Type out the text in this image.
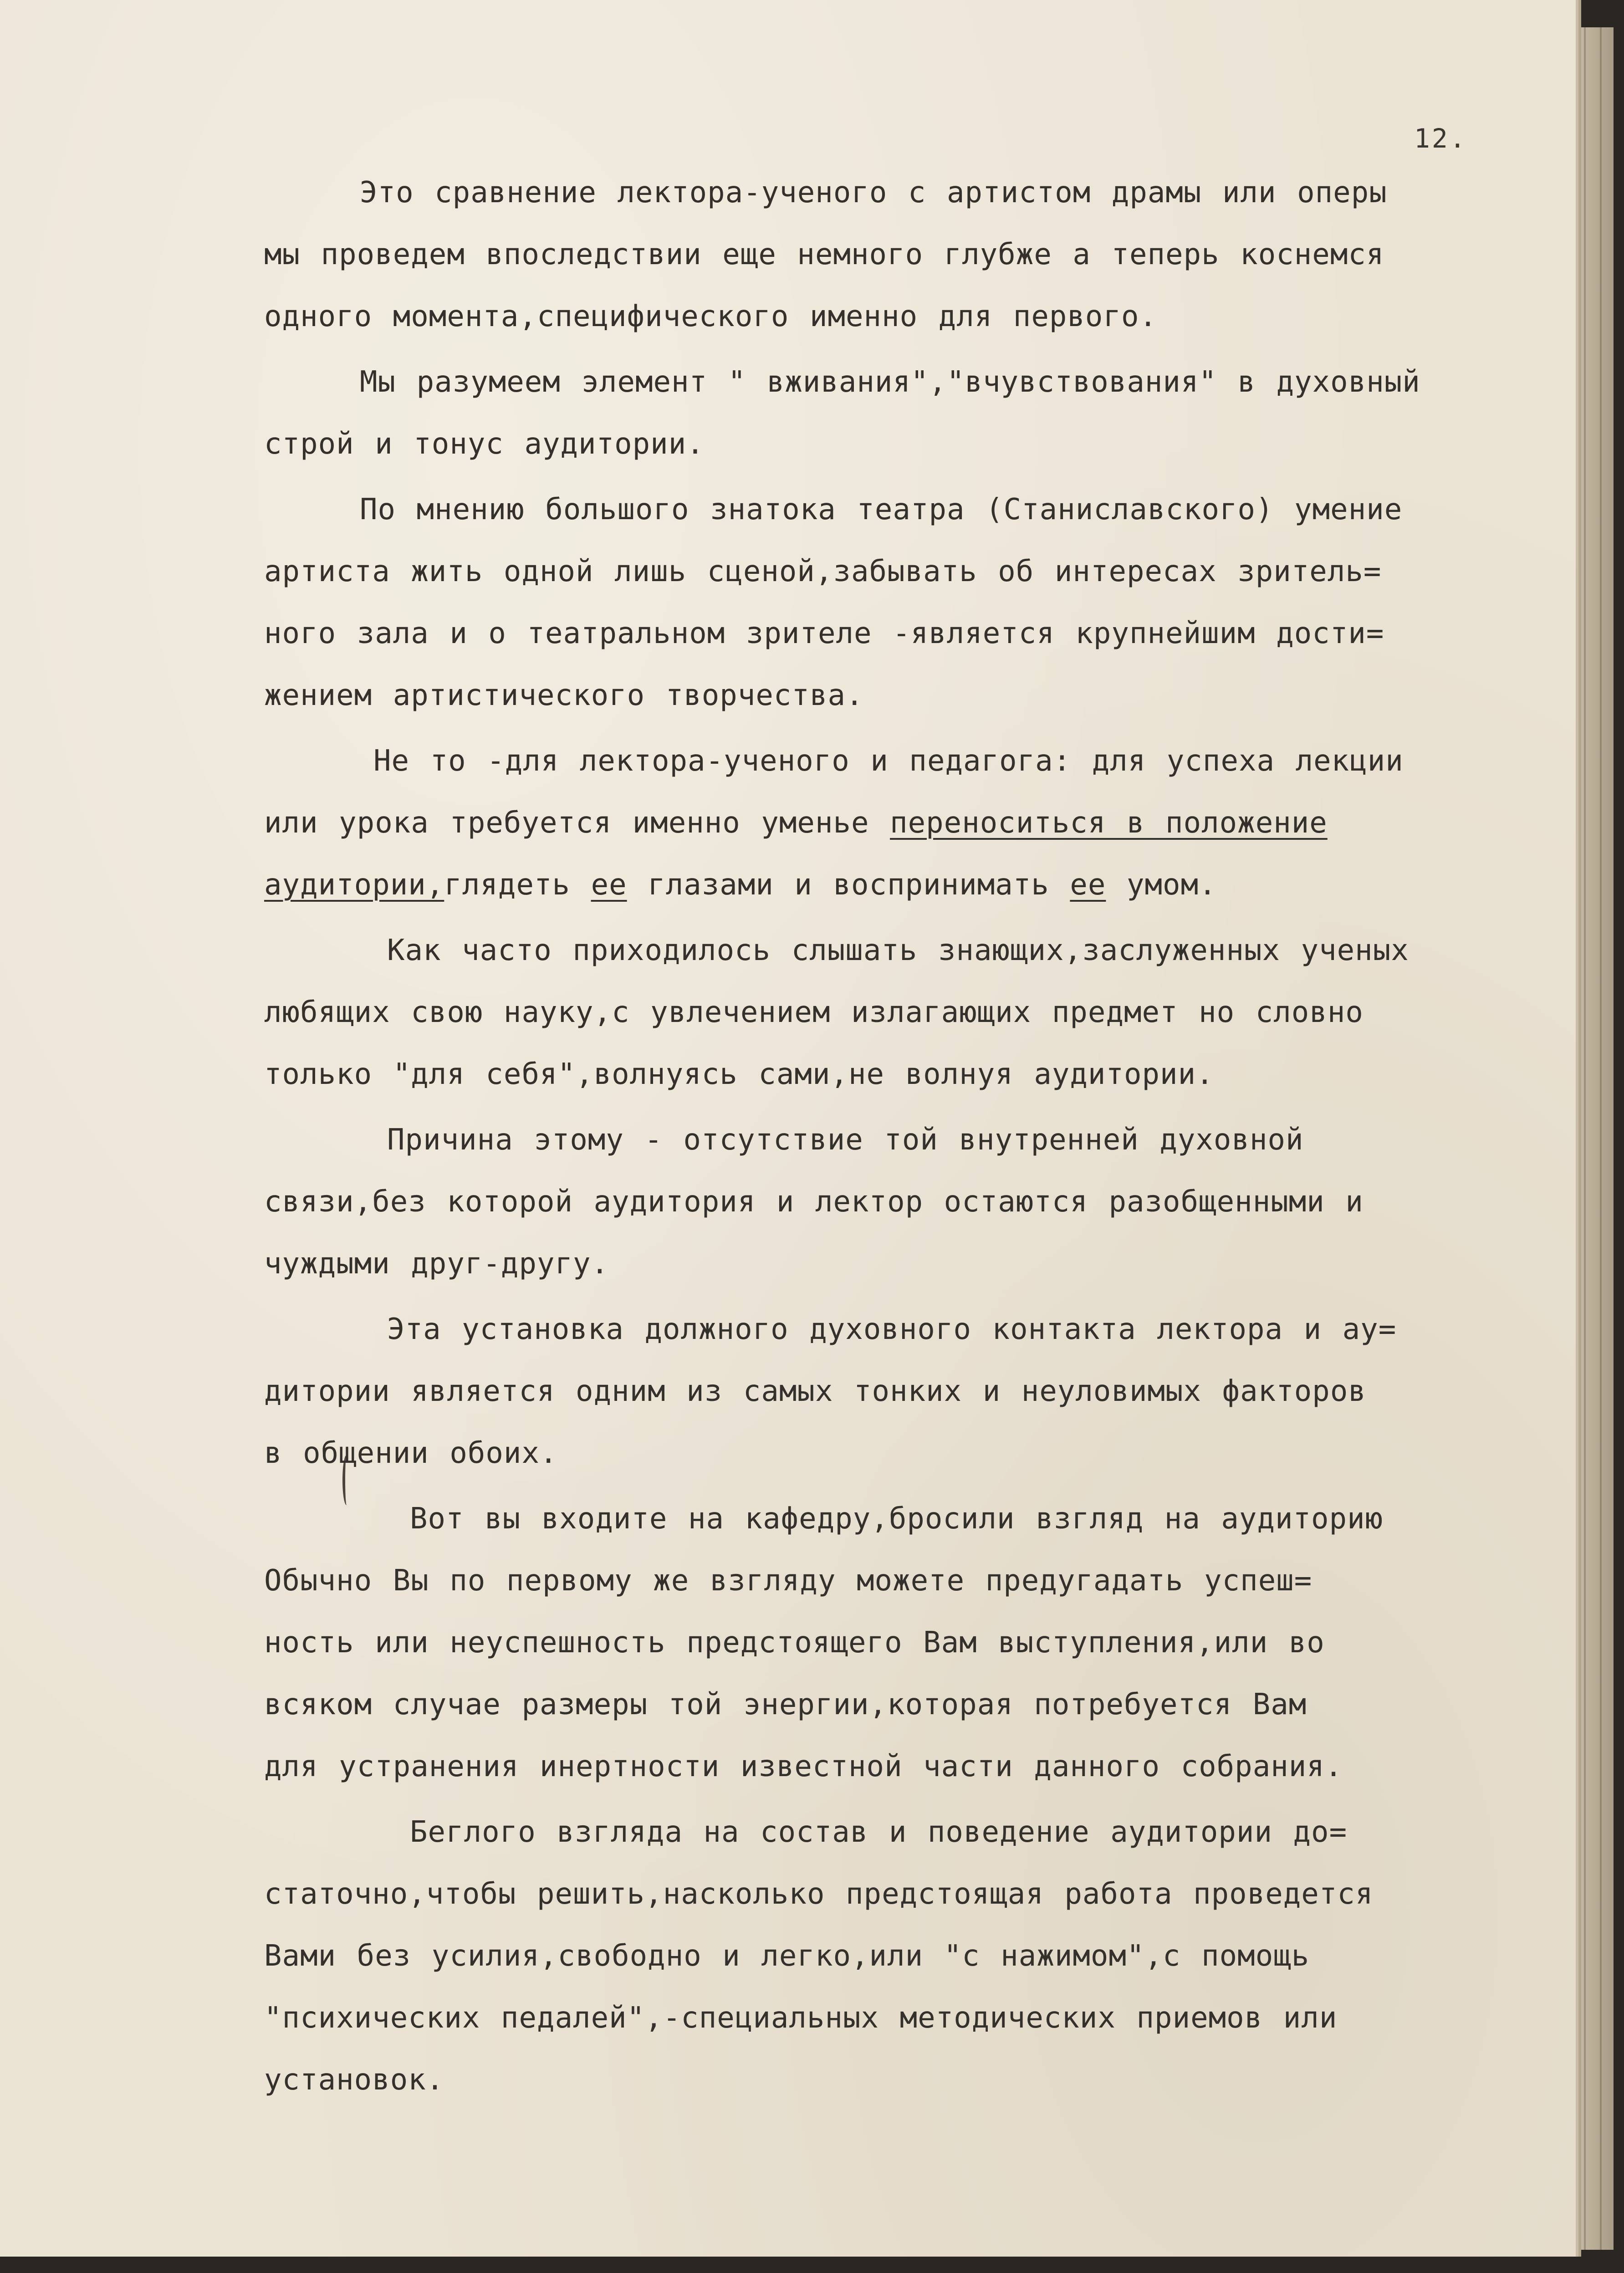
12.

Это сравнение лектора-ученого с артистом драмы или оперы
мы проведем впоследствии еще немного глубже а теперь коснемся
одного момента,специфического именно для первого.
Мы разумеем элемент " вживания","вчувствования" в духовный
строй и тонус аудитории.
По мнению большого знатока театра (Станиславского) умение
артиста жить одной лишь сценой,забывать об интересах зритель=
ного зала и о театральном зрителе -является крупнейшим дости=
жением артистического творчества.
Не то -для лектора-ученого и педагога: для успеха лекции
или урока требуется именно уменье переноситься в положение
аудитории,глядеть ее глазами и воспринимать ее умом.
Как часто приходилось слышать знающих,заслуженных ученых
любящих свою науку,с увлечением излагающих предмет но словно
только "для себя",волнуясь сами,не волнуя аудитории.
Причина этому - отсутствие той внутренней духовной
связи,без которой аудитория и лектор остаются разобщенными и
чуждыми друг-другу.
Эта установка должного духовного контакта лектора и ау=
дитории является одним из самых тонких и неуловимых факторов
в общении обоих.
Вот вы входите на кафедру,бросили взгляд на аудиторию
Обычно Вы по первому же взгляду можете предугадать успеш=
ность или неуспешность предстоящего Вам выступления,или во
всяком случае размеры той энергии,которая потребуется Вам
для устранения инертности известной части данного собрания.
Беглого взгляда на состав и поведение аудитории до=
статочно,чтобы решить,насколько предстоящая работа проведется
Вами без усилия,свободно и легко,или "с нажимом",с помощь
"психических педалей",-специальных методических приемов или
установок.
